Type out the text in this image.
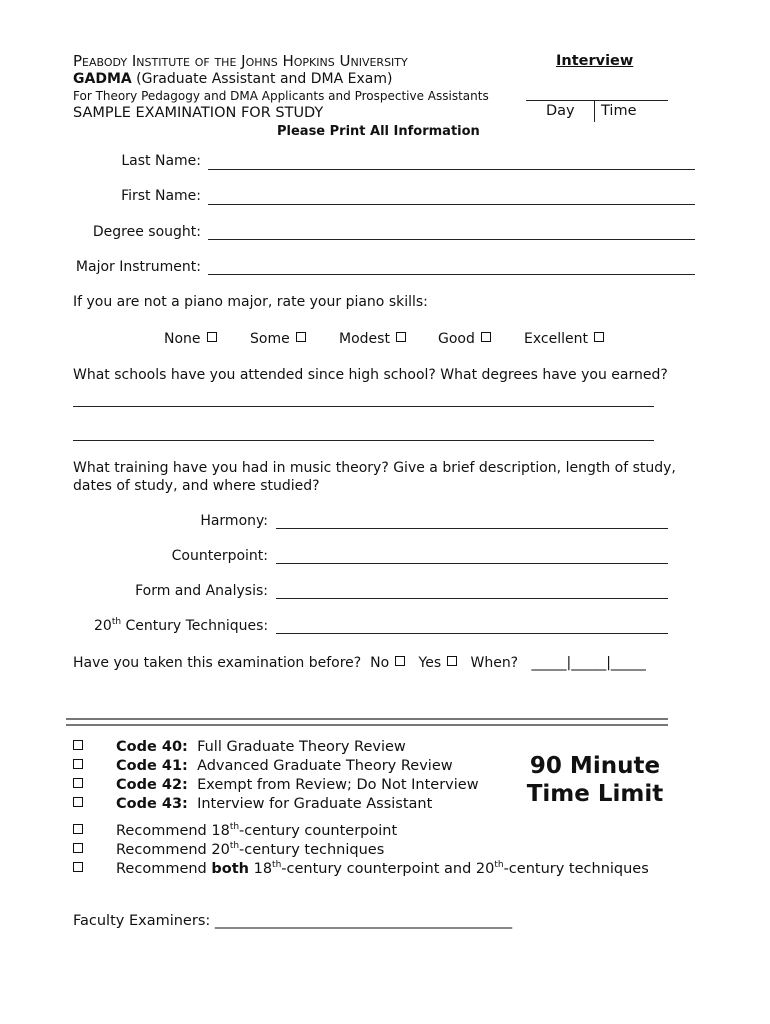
Peabody Institute of the Johns Hopkins University
GADMA (Graduate Assistant and DMA Exam)
For Theory Pedagogy and DMA Applicants and Prospective Assistants
SAMPLE EXAMINATION FOR STUDY
Please Print All Information
Interview
Day Time
Last Name:
First Name:
Degree sought:
Major Instrument:
If you are not a piano major, rate your piano skills:
None	Some	Modest	Good	Excellent
What schools have you attended since high school? What degrees have you earned?
What training have you had in music theory? Give a brief description, length of study,
dates of study, and where studied?
Harmony:
Counterpoint:
Form and Analysis:
20th Century Techniques:
Have you taken this examination before? No Yes When? _____|_____|_____
Code 40: Full Graduate Theory Review
Code 41: Advanced Graduate Theory Review
Code 42: Exempt from Review; Do Not Interview
Code 43: Interview for Graduate Assistant
90 Minute
Time Limit
Recommend 18th-century counterpoint
Recommend 20th-century techniques
Recommend both 18th-century counterpoint and 20th-century techniques
Faculty Examiners: _________________________________________
